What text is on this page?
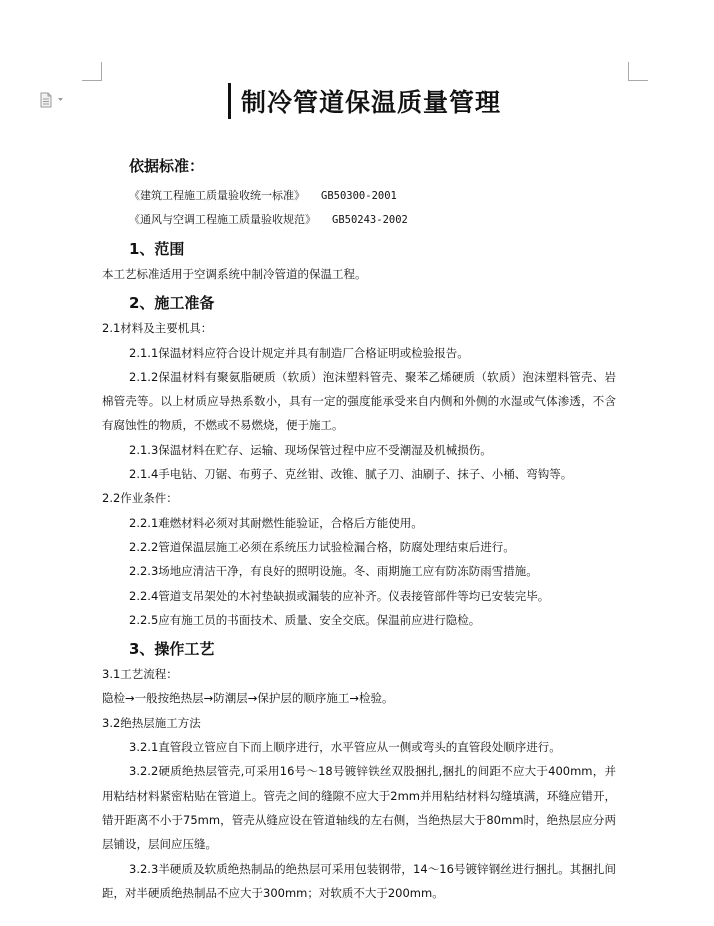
制冷管道保温质量管理
依据标准：
《建筑工程施工质量验收统一标准》 GB50300-2001
《通风与空调工程施工质量验收规范》 GB50243-2002
1、范围
本工艺标准适用于空调系统中制冷管道的保温工程。
2、施工准备
2.1材料及主要机具：
2.1.1保温材料应符合设计规定并具有制造厂合格证明或检验报告。
2.1.2保温材料有聚氨脂硬质（软质）泡沫塑料管壳、聚苯乙烯硬质（软质）泡沫塑料管壳、岩棉管壳等。以上材质应导热系数小，具有一定的强度能承受来自内侧和外侧的水湿或气体渗透，不含有腐蚀性的物质，不燃或不易燃烧，便于施工。
2.1.3保温材料在贮存、运输、现场保管过程中应不受潮湿及机械损伤。
2.1.4手电钻、刀锯、布剪子、克丝钳、改锥、腻子刀、油刷子、抹子、小桶、弯钩等。
2.2作业条件：
2.2.1难燃材料必须对其耐燃性能验证，合格后方能使用。
2.2.2管道保温层施工必须在系统压力试验检漏合格，防腐处理结束后进行。
2.2.3场地应清洁干净，有良好的照明设施。冬、雨期施工应有防冻防雨雪措施。
2.2.4管道支吊架处的木衬垫缺损或漏装的应补齐。仪表接管部件等均已安装完毕。
2.2.5应有施工员的书面技术、质量、安全交底。保温前应进行隐检。
3、操作工艺
3.1工艺流程：
隐检→一般按绝热层→防潮层→保护层的顺序施工→检验。
3.2绝热层施工方法
3.2.1直管段立管应自下而上顺序进行，水平管应从一侧或弯头的直管段处顺序进行。
3.2.2硬质绝热层管壳,可采用16号～18号镀锌铁丝双股捆扎,捆扎的间距不应大于400mm，并用粘结材料紧密粘贴在管道上。管壳之间的缝隙不应大于2mm并用粘结材料勾缝填满，环缝应错开，错开距离不小于75mm，管壳从缝应设在管道轴线的左右侧，当绝热层大于80mm时，绝热层应分两层铺设，层间应压缝。
3.2.3半硬质及软质绝热制品的绝热层可采用包装钢带，14～16号镀锌钢丝进行捆扎。其捆扎间距，对半硬质绝热制品不应大于300mm；对软质不大于200mm。
